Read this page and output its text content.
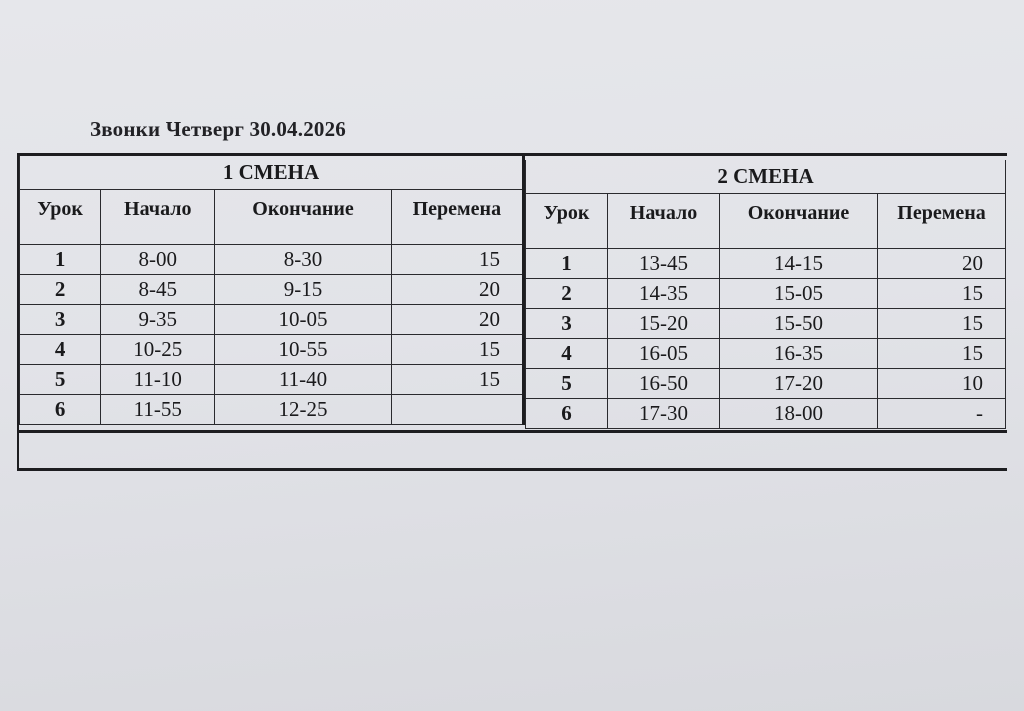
Звонки Четверг 30.04.2026
1 СМЕНА			
Урок	Начало	Окончание	Перемена
1	8-00	8-30	15
2	8-45	9-15	20
3	9-35	10-05	20
4	10-25	10-55	15
5	11-10	11-40	15
6	11-55	12-25	
2 СМЕНА			
Урок	Начало	Окончание	Перемена
1	13-45	14-15	20
2	14-35	15-05	15
3	15-20	15-50	15
4	16-05	16-35	15
5	16-50	17-20	10
6	17-30	18-00	-
